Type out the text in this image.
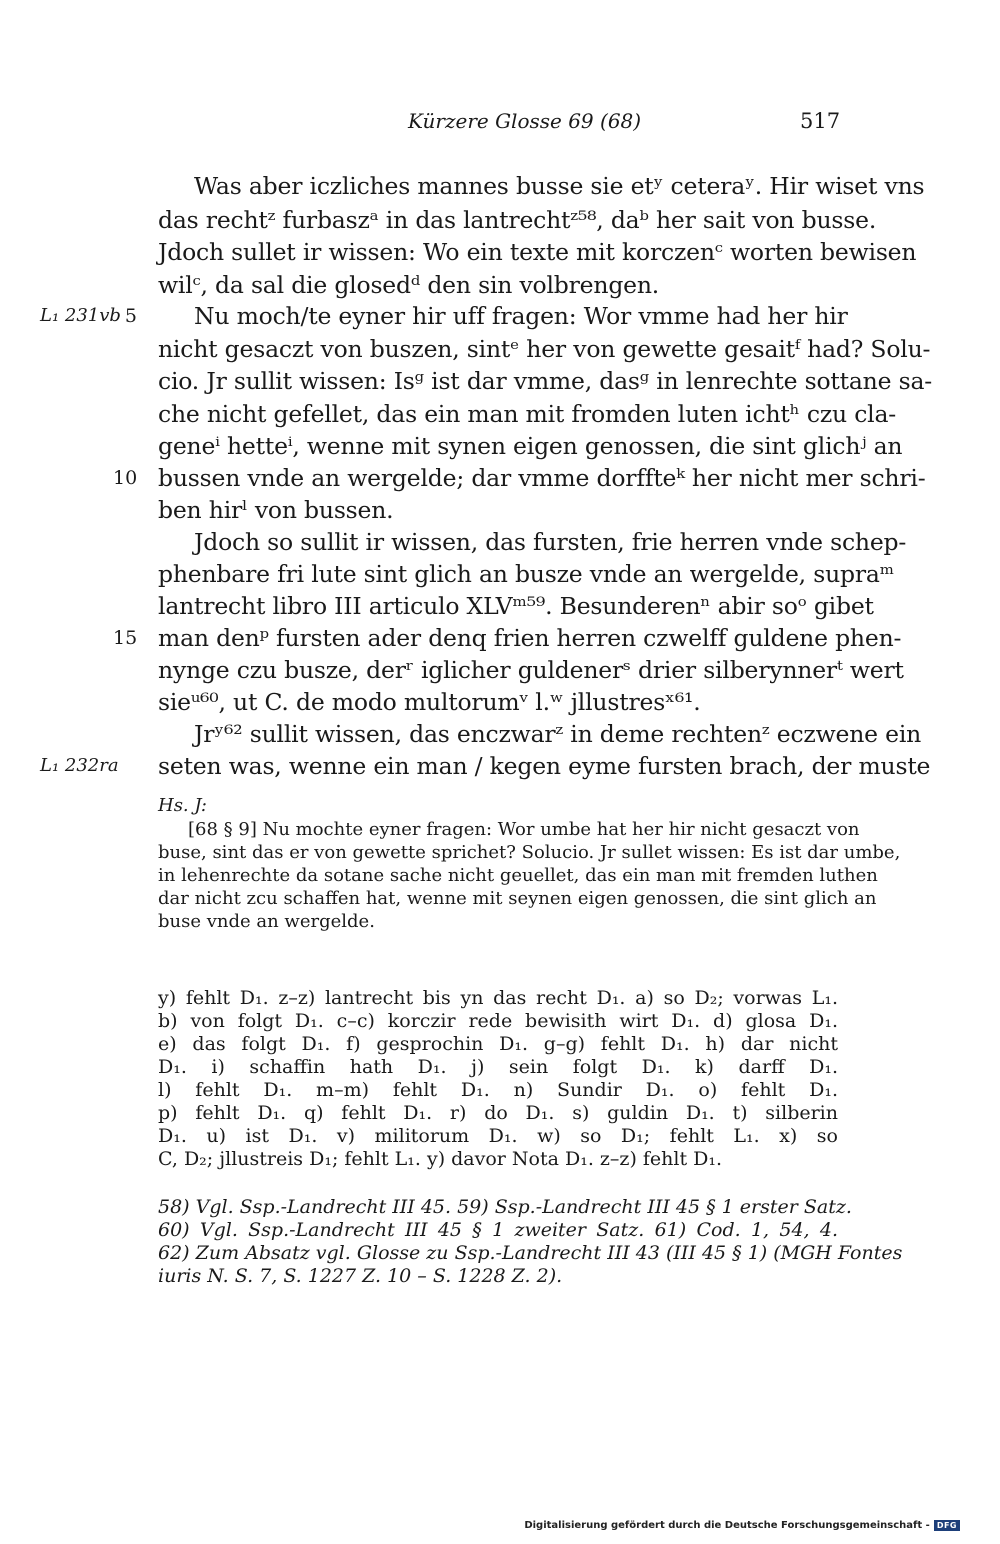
Kürzere Glosse 69 (68)	517
Was aber iczliches mannes busse sie etʸ ceteraʸ. Hir wiset vns
das rechtᶻ furbaszᵃ in das lantrechtᶻ⁵⁸, daᵇ her sait von busse.
Jdoch sullet ir wissen: Wo ein texte mit korczenᶜ worten bewisen
wilᶜ, da sal die glosedᵈ den sin volbrengen.
Nu moch/te eyner hir uff fragen: Wor vmme had her hir
nicht gesaczt von buszen, sintᵉ her von gewette gesaitᶠ had? Solu-
cio. Jr sullit wissen: Isᵍ ist dar vmme, dasᵍ in lenrechte sottane sa-
che nicht gefellet, das ein man mit fromden luten ichtʰ czu cla-
geneⁱ hetteⁱ, wenne mit synen eigen genossen, die sint glichʲ an
bussen vnde an wergelde; dar vmme dorffteᵏ her nicht mer schri-
ben hirˡ von bussen.
Jdoch so sullit ir wissen, das fursten, frie herren vnde schep-
phenbare fri lute sint glich an busze vnde an wergelde, supraᵐ
lantrecht libro III articulo XLVᵐ⁵⁹. Besunderenⁿ abir soᵒ gibet
man denᵖ fursten ader denq frien herren czwelff guldene phen-
nynge czu busze, derʳ iglicher guldenerˢ drier silberynnerᵗ wert
sieᵘ⁶⁰, ut C. de modo multorumᵛ l.ʷ jllustresˣ⁶¹.
Jrʸ⁶² sullit wissen, das enczwarᶻ in deme rechtenᶻ eczwene ein
seten was, wenne ein man / kegen eyme fursten brach, der muste
5
10
15
L₁ 231vb
L₁ 232ra
Hs. J:
[68 § 9] Nu mochte eyner fragen: Wor umbe hat her hir nicht gesaczt von
buse, sint das er von gewette sprichet? Solucio. Jr sullet wissen: Es ist dar umbe,
in lehenrechte da sotane sache nicht geuellet, das ein man mit fremden luthen
dar nicht zcu schaffen hat, wenne mit seynen eigen genossen, die sint glich an
buse vnde an wergelde.
y) fehlt D₁. z–z) lantrecht bis yn das recht D₁. a) so D₂; vorwas L₁.
b) von folgt D₁. c–c) korczir rede bewisith wirt D₁. d) glosa D₁.
e) das folgt D₁. f) gesprochin D₁. g–g) fehlt D₁. h) dar nicht
D₁. i) schaffin hath D₁. j) sein folgt D₁. k) darff D₁.
l) fehlt D₁. m–m) fehlt D₁. n) Sundir D₁. o) fehlt D₁.
p) fehlt D₁. q) fehlt D₁. r) do D₁. s) guldin D₁. t) silberin
D₁. u) ist D₁. v) militorum D₁. w) so D₁; fehlt L₁. x) so
C, D₂; jllustreis D₁; fehlt L₁. y) davor Nota D₁. z–z) fehlt D₁.
58) Vgl. Ssp.-Landrecht III 45. 59) Ssp.-Landrecht III 45 § 1 erster Satz.
60) Vgl. Ssp.-Landrecht III 45 § 1 zweiter Satz. 61) Cod. 1, 54, 4.
62) Zum Absatz vgl. Glosse zu Ssp.-Landrecht III 43 (III 45 § 1) (MGH Fontes
iuris N. S. 7, S. 1227 Z. 10 – S. 1228 Z. 2).
Digitalisierung gefördert durch die Deutsche Forschungsgemeinschaft - DFG
